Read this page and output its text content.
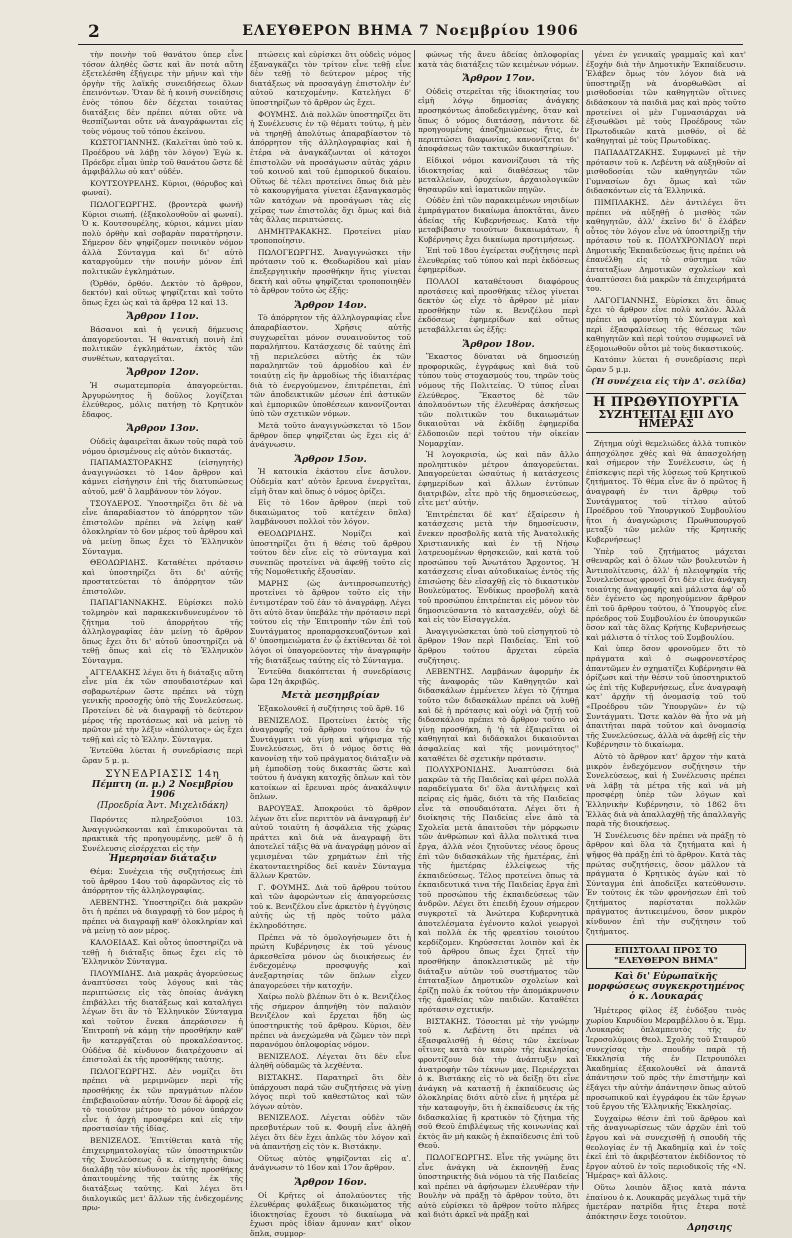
2	ΕΛΕΥΘΕΡΟΝ ΒΗΜΑ 7 Νοεμβρίου 1906

τὴν ποινὴν τοῦ θανάτου ὑπερ εἶνε τόσον ἀληθὲς ὥστε καὶ ἂν ποτὰ αὕτη ἐξετελέσθη ἐξήγειρε τὴν μῆνιν καὶ τὴν ὀργὴν τῆς λαϊκῆς συνειδήσεως ὅλων ἐπεινόντων. Ὅταν δὲ ἡ κοινὴ συνείδησις ἐνὸς τόπου δὲν δέχεται τοιαύτας διατάξεις δὲν πρέπει αὐται οὔτε νὰ θεσπίζωνται οὔτε νὰ ἀναγράφωνται εἰς τοὺς νόμους τοῦ τόπου ἐκείνου.

ΚΩΣΤΟΓΙΑΝΝΗΣ. (Καλεῖται ὑπὸ τοῦ κ. Προέδρου νὰ λάβῃ τὸν λόγον) Ἐγὼ κ. Πρόεδρε εἶμαι ὑπὲρ τοῦ θανάτου ὥστε δὲ ἀμφιβάλλω οὐ κατ' οὐδέν.

ΚΟΥΤΣΟΥΡΕΛΗΣ. Κύριοι, (θόρυβος καὶ φωναί).

ΠΩΛΟΓΕΩΡΓΗΣ. (βροντερὰ φωνή) Κύριοι σιωπή. (ἐξακολουθοῦν αἱ φωναί). Ὁ κ. Κουτσουρέλης, κύριοι, κάμνει μίαν πολὺ ὀρθὴν καὶ σοβαρὰν παρατήρησιν. Σήμερον δὲν ψηφίζομεν ποινικὸν νόμον ἀλλὰ Σύνταγμα καὶ δι' αὐτὸ καταργοῦμεν τὴν ποινὴν μόνον ἐπὶ πολιτικῶν ἐγκλημάτων.

(Ὀρθόν, ὀρθόν. Δεκτὸν τὸ ἄρθρον, δεκτόν) καὶ οὕτως ψηφίζεται καὶ τοῦτο ὅπως ἔχει ὡς καὶ τὰ ἄρθρα 12 καὶ 13.

Ἄρθρον 11ον.

Βάσανοι καὶ ἡ γενικὴ δήμευσις ἀπαγορεύονται. Ἡ θανατικὴ ποινὴ ἐπὶ πολιτικῶν ἐγκλημάτων, ἐκτὸς τῶν συνθέτων, καταργεῖται.

Ἄρθρον 12ον.

Ἡ σωματεμπορία ἀπαγορεύεται. Ἀργυρώνητος ἢ δοῦλος λογίζεται ἐλεύθερος, μόλις πατήσῃ τὸ Κρητικὸν ἔδαφος.

Ἄρθρον 13ον.

Οὐδεὶς ἀφαιρεῖται ἄκων τοῦς παρὰ τοῦ νόμου ὁρισμένους εἰς αὐτὸν δικαστάς.

ΠΑΠΑΜΑΣΤΟΡΑΚΗΣ (εἰσηγητὴς) ἀναγιγνώσκει τὸ 14ον ἄρθρον καὶ κάμνει εἰσήγησιν ἐπὶ τῆς διατυπώσεως αὐτοῦ, μεθ' ὃ λαμβάνουν τὸν λόγον.

ΤΣΟΥΔΕΡΟΣ. Ὑποστηρίζει ὅτι δὲ νὰ εἶνε ἀπαραδίαστον τὸ ἀπόρρητον τῶν ἐπιστολῶν πρέπει νὰ λείψῃ καθ' ὁλοκληρίαν τὸ 6ον μέρος τοῦ ἄρθρου καὶ νὰ μείνῃ ὅπως ἔχει τὸ Ἑλληνικὸν Σύνταγμα.

ΘΕΟΔΩΡΙΔΗΣ. Καταθέτει πρότασιν καὶ ὑποστηρίζει ὅτι δι' αὐτῆς προστατεύεται τὸ ἀπόρρητον τῶν ἐπιστολῶν.

ΠΑΠΑΓΙΑΝΝΑΚΗΣ. Εὑρίσκει πολὺ τολμηρὸν καὶ παρακεκινδυνευμένον τὸ ζήτημα τοῦ ἀπορρήτου τῆς ἀλληλογραφίας ἐὰν μείνῃ τὸ ἄρθρον ὅπως ἔχει ὅτι δι' αὐτοῦ ὑποστηρίζει νὰ τεθῇ ὅπως καὶ εἰς τὸ Ἑλληνικὸν Σύνταγμα.

ΑΓΓΕΛΑΚΗΣ λέγει ὅτι ἡ διάταξις αὕτη εἶνε μία ἐκ τῶν σπουδαιοτέρων καὶ σοβαρωτέρων ὥστε πρέπει νὰ τύχῃ γενικῆς προσοχῆς ὑπὸ τῆς Συνελεύσεως. Προτείνει δὲ νὰ διαγραφῇ τὸ δεύτερον μέρος τῆς προτάσεως καὶ νὰ μείνῃ τὸ πρῶτον μὲ τὴν λέξιν «ἀπόλυτος» ὡς ἔχει τεθῇ καὶ εἰς τὸ Ἑλλην. Σύνταγμα.

Ἐντεῦθα λύεται ἡ συνεδρίασις περὶ ὥραν 5 μ. μ.

ΣΥΝΕΔΡΙΑΣΙΣ 14η
Πέμπτη (π. μ.) 2 Νοεμβρίου 1906
(Προεδρία Ἀντ. Μιχελιδάκη)

Παρόντες πληρεξούσιοι 103. Ἀναγιγνώσκονται καὶ ἐπικυροῦνται τὰ πρακτικὰ τῆς προηγουμένης, μεθ' ὃ ἡ Συνέλευσις εἰσέρχεται εἰς τὴν

Ἡμερησίαν διάταξιν

Θέμα: Συνέχεια τῆς συζητήσεως ἐπὶ τοῦ ἄρθρου 14ου τοῦ ἀφορῶντος εἰς τὸ ἀπόρρητον τῆς ἀλληλογραφίας.

ΛΕΒΕΝΤΗΣ. Ὑποστηρίζει διὰ μακρῶν ὅτι ἡ πρέπει νὰ διαγραφῇ τὸ 6ον μέρος ἡ πρέπει νὰ διαγραφῇ καθ' ὁλοκληρίαν καὶ νὰ μείνῃ τὸ αον μέρος.

ΚΑΛΟΕΙΔΑΣ. Καὶ οὗτος ὑποστηρίζει νὰ τεθῇ ἡ διάταξις ὅπως ἔχει εἰς τὸ Ἑλληνικὸν Σύνταγμα.

ΠΛΟΥΜΙΔΗΣ. Διὰ μακρᾶς ἀγορεύσεως ἀναπτύσσει τοὺς λόγους καὶ τὰς περιπτώσεις εἰς τὰς ὁποίας ἀνάγκη ἐπιβάλλει τῆς διατάξεως καὶ καταλήγει λέγων ὅτι ἂν τὸ Ἑλληνικὸν Σύνταγμα καὶ τοῦτον ἕνεκα ἀπεράσισεν ἡ Ἐπιτροπὴ νὰ κάμῃ τὴν προσθήκην καθ' ἣν κατεργάζεται οὐ προκαλέσαντος. Οὐδένα δὲ κίνδυνον διατρέχουσιν αἱ ἐπιστολαὶ ἐκ τῆς προσθήκης ταύτης.

ΠΩΛΟΓΕΩΡΓΗΣ. Δὲν νομίζει ὅτι πρέπει νὰ μεριμνῶμεν περὶ τῆς προσθήκης ἐκ τῶν πραγμάτων πλέον ἐπιβεβαιοῦσαν αὐτήν. Ὅσον δὲ ἀφορᾷ εἰς τὸ τοιοῦτον μέτρον τὸ μόνον ὑπάρχον εἶνε ἡ ἀρχὴ προσφέρει καὶ εἰς τὴν προστασίαν τῆς ἰδίας.

ΒΕΝΙΖΕΛΟΣ. Ἐπιτίθεται κατὰ τῆς ἐπιχειρηματολογίας τῶν ὑποστηρικτῶν τῆς Συνελεύσεως ὅ κ. εἰσηγητὴς ὅπως διαλάβῃ τὸν κίνδυνον ἐκ τῆς προσθήκης ἀπαιτουμένης τῆς ταύτης ἐκ τῆς διατάξεως ταύτης. Καὶ λέγει ὅτι διαλογικῶς μετ' ἄλλων τῆς ἐνδεχομένης πρω-

πτώσεις καὶ εὑρίσκει ὅτι οὐδεὶς νόμος ἐξαναγκάζει τὸν τρίτον εἶνε τεθῇ εἶνε δὲν τεθῇ τὸ δεύτερον μέρος τῆς διατάξεως νὰ προσαγάγῃ ἐπιστολὴν ἐν' αὐτοῦ κατεχομένην. Κατελήγει δ' ὑποστηρίζων τὸ ἄρθρον ὡς ἔχει.

ΦΟΥΜΗΣ. Διὰ πολλῶν ὑποστηρίζει ὅτι ἡ Συνέλευσις ἐν τῷ θέματι τούτῳ, ἡ μὲν νὰ τηρηθῇ ἀπολύτως ἀπαραβίαστον τὸ ἀπόρρητον τῆς ἀλληλογραφίας καὶ ἡ ἑτέρα νὰ ἀναγκάζωνται οἱ κάτοχοι ἐπιστολῶν νὰ προσάγωσιν αὐτὰς χάριν τοῦ κοινοῦ καὶ τοῦ ἐμπορικοῦ δικαίου. Οὕτως δὲ τέλει προτείνει ὅπως διὰ μὲν τὸ κακουργήματα γίνεται ἐξαναγκασμὸς τῶν κατόχων νὰ προσάγωσι τὰς εἰς χεῖρας των ἐπιστολὰς ὄχι ὅμως καὶ διὰ τὰς ἄλλας περιπτώσεις.

ΔΗΜΗΤΡΑΚΑΚΗΣ. Προτείνει μίαν τροποποίησιν.

ΠΩΛΟΓΕΩΡΓΗΣ. Ἀναγιγνώσκει τὴν πρότασιν τοῦ κ. Θεοδωρίδου καὶ μίαν ἐπεξεργητικὴν προσθήκην ἥτις γίνεται δεκτὴ καὶ οὕτω ψηφίζεται τροποποιηθὲν τὸ ἄρθρον τοῦτο ὡς ἑξῆς:

Ἄρθρον 14ον.

Τὸ ἀπόρρητον τῆς ἀλληλογραφίας εἶνε ἀπαραβίαστον. Χρῆσις αὐτῆς συγχωρεῖται μόνον συναινοῦντος τοῦ παραλήπτου. Κατάσχεσις δὲ ταύτης ἐπὶ τῇ περιελεύσει αὐτῆς ἐκ τῶν παραληπτῶν τοῦ ἀρμοδίου καὶ ἐν τοιαύτῃ εἰς ἣν ἀρμοδίως τῆς ἰδιαιτέρας διὰ τὸ ἐνεργούμενον, ἐπιτρέπεται, ἐπὶ τῶν ἀποδεικτικῶν μέσων ἐπὶ ἀστικῶν καὶ ἐμπορικῶν ὑποθέσεων κανονίζονται ὑπὸ τῶν σχετικῶν νόμων.

Μετὰ τοῦτο ἀναγιγνώσκεται τὸ 15ον ἄρθρον ὅπερ ψηφίζεται ὡς ἔχει εἰς ἀ' ἀνάγνωσιν.

Ἄρθρον 15ον.

Ἡ κατοικία ἑκάστου εἶνε ἄσυλον. Οὐδεμία κατ' αὐτὸν ἔρευνα ἐνεργεῖται, εἰμὴ ὅταν καὶ ὅπως ὁ νόμος ὁρίζει.

Εἰς τὸ 16ον ἄρθρον (περὶ τοῦ δικαιώματος τοῦ κατέχειν ὅπλα) λαμβάνουσι πολλοὶ τὸν λόγον.

ΘΕΟΔΩΡΙΔΗΣ. Νομίζει καὶ ὑποστηρίζει ὅτι ἡ θέσις τοῦ ἄρθρου τούτου δὲν εἶνε εἰς τὸ σύνταγμα καὶ συνεπῶς προτείνει νὰ ἀφεθῇ τοῦτο εἰς τῆς Νομοθετικῆς ἐξουσίαν.

ΜΑΡΗΣ (ὡς ἀντιπροσωπευτὴς) προτείνει τὸ ἄρθρον τοῦτο εἰς τὴν ἐντιμοτέραν τοῦ ἐὰν τὸ ἀναγράφῃ. Λέγει ὅτι αὐτὸ ὅταν ὑπεβάλε τὴν πρότασιν περὶ τούτου εἰς τὴν Ἐπιτροπὴν τῶν ἐπὶ τοῦ Συντάγματος προπαρασκευαζόντων καὶ δ' ὑποσημειώματα ἐν ᾧ ἐκτίθενται δὲ τοὶ λόγοι οἱ ὑπαγορεύοντες τὴν ἀναγραφὴν τῆς διατάξεως ταύτης εἰς τὸ Σύνταγμα.

Ἐντεῦθα διακόπτεται ἡ συνεδρίασις ὥρα 12η ἀκριβῶς.

Μετὰ μεσημβρίαν

Ἐξακολουθεῖ ἡ συζήτησις τοῦ ἄρθ. 16

ΒΕΝΙΖΕΛΟΣ. Προτείνει ἐκτὸς τῆς ἀναγραφῆς τοῦ ἄρθρου τούτου ἐν τῷ Συντάγματι νὰ γίνῃ καὶ ψήφισμα τῆς Συνελεύσεως, ὅτι ὁ νόμος ὅστις θὰ κανονίσῃ τὴν τοῦ πράγματος διάταξιν νὰ μὴ ἐμποδίσῃ τοὺς δικαστὰς ὥστε καὶ τούτου ἡ ἀνάγκη κατοχῆς ὅπλων καὶ τὸν κατοίκων αἱ ἔρευναι πρὸς ἀνακάλυψιν ὅπλων.

ΒΑΡΟΥΞΑΣ. Ἀποκρούει τὸ ἄρθρον λέγων ὅτι εἶνε περιττὸν νὰ ἀναγραφῇ ἐν' αὐτοῦ τοιαύτη ἡ ἀσφάλεια τῆς χώρας πράττει καὶ διὰ νὰ ἀναγραφῇ ὅτι ἀποτελεῖ τάξις θὰ νὰ ἀναγράφῃ μόνον αἱ γεμισμέναι τῶν χρημάτων ἐπὶ τῆς ἐκατονταετηρίδος δεῖ κανὲν Σύνταγμα ἄλλων Κρατῶν.

Γ. ΦΟΥΜΗΣ. Διὰ τοῦ ἄρθρου τούτου καὶ τῶν ἀφορώντων εἰς ἀπαγορεύσεις τοῦ κ. Βενιζέλου εἶνε ἀρκετὸν ἡ ἐγγύησις αὐτῆς ὡς τῇ πρὸς τοῦτο μάλα ἐκληροδότησε.

Πρέπει νὰ τὸ ὁμολογήσωμεν ὅτι ἡ πρώτη Κυβέρνησις ἐκ τοῦ γένους ἀρκεσθεῖσα μόνον ὡς διοικήσεως ἐν ἐνδεχομένῳ προσφυγῆς καὶ ἀνεξαρτησίας τῶν ὅπλων εἶχεν ἀπαγορεύσει τὴν κατοχήν.

Χαίρω πολὺ βλέπων ὅτι ὁ κ. Βενιζέλος τῆς σήμερον ἀπηνήθη τὸν παλαιὸν Βενιζέλον καὶ ἔρχεται ἤδη ὡς ὑποστηρικτὴς τοῦ ἄρθρου. Κύριοι, δὲν πρέπει νὰ ἀνεχώμεθα νὰ ζῶμεν τὸν περὶ παρανόμου ὁπλοφορίας νόμον.

ΒΕΝΙΖΕΛΟΣ. Λέγεται ὅτι δὲν εἶνε ἀληθῆ οὐδαμῶς τὰ λεχθέντα.

ΒΙΣΤΑΚΗΣ. Παρατηρεῖ ὅτι δὲν ὑπάρχουσι παρά τῶν συζητήσεις νὰ γίνῃ λόγος περὶ τοῦ καθεστῶτος καὶ τῶν λόγων αὐτὸν.

ΒΕΝΙΖΕΛΟΣ. Λέγεται οὐδὲν τῶν πρεσβυτέρων τοῦ κ. Φουμῆ εἶνε ἀληθῆ λέγει ὅτι δὲν ἔχει ἁπλῶς τὸν λόγον καὶ νὰ ἀπαντήσῃ εἰς τὸν κ. Βιστάκην.

Οὕτως αὐτὸς ψηφίζονται εἰς αʹ. ἀνάγνωσιν τὸ 16ον καὶ 17ον ἄρθρον.

Ἄρθρον 16ον.

Οἱ Κρῆτες οἱ ἀπολαύοντες τῆς ἐλευθέρας φυλάξεως δικαιώματος τῆς ἰδιοκτησίας ἔχουσι τὸ δικαίωμα νὰ ἔχωσι πρὸς ἰδίαν ἄμυναν κατ' οἶκον ὅπλα, συμμορ-

φώνως τῆς ἄνευ ἀδείας ὁπλοφορίας κατὰ τὰς διατάξεις τῶν κειμένων νόμων.

Ἄρθρον 17ον.

Οὐδεὶς στερεῖται τῆς ἰδιοκτησίας του εἰμὴ λόγῳ δημοσίας ἀνάγκης προσηκόντως ἀποδεδειγμένης, ὅταν καὶ ὅπως ὁ νόμος διατάσσῃ, πάντοτε δὲ προηγουμένης ἀποζημιώσεως ἥτις, ἐν περιπτώσει διαφωνίας, κανονίζεται δι' ἀποφάσεως τῶν τακτικῶν δικαστηρίων.

Εἰδικοὶ νόμοι κανονίζουσι τὰ τῆς ἰδιοκτησίας καὶ διαθέσεως τῶν μεταλλείων, ὀρυχείων, ἀρχαιολογικῶν θησαυρῶν καὶ ἰαματικῶν πηγῶν.

Οὐδὲν ἐπὶ τῶν παρακειμένων νησιδίων ἐμπράγματον δικαίωμα ἀποκτᾶται, ἄνευ ἀδείας τῆς Κυβερνήσεως. Κατὰ τὴν μεταβίβασιν τοιούτων δικαιωμάτων, ἡ Κυβέρνησις ἔχει δικαίωμα προτιμήσεως.

Ἐπὶ τοῦ 18ου ἐγείρεται συζήτησις περὶ ἐλευθερίας τοῦ τύπου καὶ περὶ ἐκδόσεως ἐφημερίδων.

ΠΟΛΛΟΙ καταθέτουσι διαφόρους προτάσεις καὶ προσθήκας τέλος γίνεται δεκτὸν ὡς εἶχε τὸ ἄρθρον μὲ μίαν προσθήκην τῶν κ. Βενιζέλου περὶ ἐκδόσεως ἐφημερίδων καὶ οὕτως μεταβάλλεται ὡς ἑξῆς:

Ἄρθρον 18ον.

Ἕκαστος δύναται νὰ δημοσιεύῃ προφορικῶς, ἐγγράφως καὶ διὰ τοῦ τύπου τοὺς στοχασμούς του, τηρῶν τοὺς νόμους τῆς Πολιτείας. Ὁ τύπος εἶναι ἐλεύθερος. Ἕκαστος δὲ τῶν ἀπολαυόντων τῆς ἐλευθέρας ἀσκήσεως τῶν πολιτικῶν του δικαιωμάτων δικαιοῦται νὰ ἐκδίδῃ ἐφημερίδα ἐλδοποιῶν περὶ τούτου τὴν οἰκείαν Νομαρχίαν.

Ἡ λογοκρισία, ὡς καὶ πᾶν ἄλλο προληπτικὸν μέτρον ἀπαγορεύεται. Ἀπαγορεύεται ὡσαύτως ἡ κατάσχεσις ἐφημερίδων καὶ ἄλλων ἐντύπων διατριβῶν, εἶτε πρὸ τῆς δημοσιεύσεως, εἶτε μετ' αὐτήν.

Ἐπιτρέπεται δὲ κατ' ἐξαίρεσιν ἡ κατάσχεσις μετὰ τὴν δημοσίευσιν, ἕνεκεν προσβολῆς κατὰ τῆς Ἀνατολικῆς Χριστιανικῆς καὶ ἐν τῇ Νήσῳ λατρευομένων θρησκειῶν, καὶ κατὰ τοῦ προσώπου τοῦ Ἀνωτάτου Ἄρχοντος. Ἡ κατάσχεσις εἶναι αὐτοδικαίως ἐντὸς τῆς ἐπισώσης δὲν εἰσαχθῇ εἰς τὸ δικαστικὸν Βουλεύματος. Ἐνδίκως προσβολὴ κατὰ τοῦ προσώπου ἐπιτρέπεται εἰς μόνον τὸν δημοσιεύσαντα τὸ κατασχεθέν, οὐχὶ δὲ καὶ εἰς τὸν Εἰσαγγελέα.

Ἀναγιγνώσκεται ὑπὸ τοῦ εἰσηγητοῦ τὸ ἄρθρον 19ον περὶ Παιδείας. Ἐπὶ τοῦ ἄρθρου τούτου ἄρχεται εὐρεῖα συζήτησις.

ΛΕΒΕΝΤΗΣ. Λαμβάνων ἀφορμὴν ἐκ τῆς ἀναφορᾶς τῶν Καθηγητῶν καὶ διδασκάλων ἐμμένετεν λέγει τὸ ζήτημα τοῦτο τῶν διδασκάλων πρέπει νὰ λυθῇ καὶ δὲ ἡ πρότασις καὶ οὐχὶ νὰ ζητῇ τοῦ διδασκάλου πρέπει τὸ ἄρθρον τοῦτο νὰ γίνῃ προσθήκη, ἡ 'ἡ τὰ ἐξαιρεῖται οἱ καθηγηταὶ καὶ διδάσκαλοι δικαιοῦνται ἀσφαλείας καὶ τῆς μονιμότητος'' καταθέτει δὲ σχετικὴν πρότασιν.

ΠΟΛΥΧΡΟΝΙΔΗΣ. Ἀναπτύσσει διὰ μακρῶν τὰ τῆς Παιδείας καὶ φέρει πολλὰ παραδείγματα δι' ὅλα ἀντιλήψεις καὶ πείρας εἰς ἡμᾶς, διότι τὰ τῆς Παιδείας εἶνε τὰ σπουδαιότατα. Λέγει ὅτι ἡ διοίκησις τῆς Παιδείας εἶνε ἀπὸ τὰ Σχολεῖα μετὰ ἀπαιτοῦσι τὴν μόρφωσιν τῶν ἀνθρώπων καὶ ἄλλα πολιτικά τινα ἔργα, ἀλλὰ νέοι ζητοῦντες νέους ὅρους ἐπὶ τῶν διδασκάλων τῆς ἡμετέρας, ἐπὶ τῆς ἡμετέρας ἐλλείψεως τῆς ἐκπαιδεύσεως. Τέλος προτείνει ὅπως τὰ ἐκπαιδευτικά τινα τῆς Παιδείας ἔργα ἐπὶ τοῦ προσώπου τῆς ἐκπαιδεύσεως τῶν ἀνδρῶν. Λέγει ὅτι ἐπειδὴ ἔχουν σήμερον συγκροτεῖ τὰ Ἀνώτερα Κυβερνητικὰ ἀποτελέσματα ἐγένοντο καλοὶ γεωργοὶ καὶ πολλὰ ἐκ τῆς φρεατίου τοιούτου κερδίζομεν. Κηρύσσεται λοιπὸν καὶ ἐκ τοῦ ἄρθρου ὅπως ἔχει ζητεῖ τὴν προσθήκην ἀποκλειστικῶς μὲ τὴν διάταξιν αὐτῶν τοῦ συστήματος τῶν ἐπταταξίων Δημοτικῶν σχολείων καὶ ἐρίζῃ πολὺ ἐκ τούτου τὴν ἀπομάκρυνσιν τῆς ἀμαθείας τῶν παιδιῶν. Καταθέτει πρότασιν σχετικήν.

ΒΙΣΤΑΚΗΣ. Τόσοεται μὲ τὴν γνώμην τοῦ κ. Λεβέντη ὅτι πρέπει νὰ ἐξασφαλισθῇ ἡ θέσις τῶν ἐκείνων οἵτινες κατὰ τὸν καιρὸν τῆς ἐκκλησίας φροντίζουν διὰ τὴν ἀνάπτυξιν καὶ ἀνατροφὴν τῶν τέκνων μας. Περιέρχεται ὁ κ. Βιστάκης εἰς τὸ νὰ δείξῃ ὅτι εἶνε ἀνάγκη νὰ καταστῇ ἡ ἐκπαίδευσις ὡς ὁλοκληρίας διότι αὐτὸ εἶνε ἡ μητέρα μὲ τὴν καταφυγὴν, ὅτι ἡ ἐκπαίδευσις ἐκ τῆς διδασκαλίας ἢ κρατικὸν τὸ ζήτημα τῆς σοῦ Θεοῦ ἐπιβλέψεως τῆς κοινωνίας καὶ ἐκτὸς ἂν μὴ κακῶς ἡ ἐκπαίδευσις ἐπὶ τοῦ Θεοῦ.

ΠΩΛΟΓΕΩΡΓΗΣ. Εἶνε τῆς γνώμης ὅτι εἶνε ἀνάγκη νὰ ἐκπονηθῇ ἕνας ὑποστηρικτὴς διὰ νόμου τὰ τῆς Παιδείας καὶ πρέπει νὰ ἀφήσωμεν ἐλευθέραν τὴν Βουλὴν νὰ πράξῃ τὸ ἄρθρον τοῦτο, ὅτι αὐτὸ εὑρίσκει τὸ ἄρθρον τοῦτο πλῆρες καὶ διότι ἀρκεῖ νὰ πράξῃ καὶ

γένει ἐν γενικαῖς γραμμαῖς καὶ κατ' ἐξοχὴν διὰ τὴν Δημοτικὴν Ἐκπαίδευσιν. Ἐλάβεν ὅμως τὸν λόγον διὰ νὰ ὑποστηρίξῃ νὰ ἀνορθωθῶσι αἱ μισθοδοσίαι τῶν καθηγητῶν οἵτινες διδάσκουν τὰ παιδιά μας καὶ πρὸς τοῦτο προτείνει οἱ μὲν Γυμνασιάρχαι νὰ ἐξισωθῶσι μὲ τοὺς Προέδρους τῶν Πρωτοδικῶν κατὰ μισθόν, οἱ δὲ καθηγηταὶ μὲ τοὺς Πρωτοδίκας.

ΠΑΠΑΔΑΤΖΑΚΗΣ. Συμφωνεῖ μὲ τὴν πρότασιν τοῦ κ. Λεβέντη νὰ αὐξηθοῦν αἱ μισθοδοσίαι τῶν καθηγητῶν τῶν Γυμνασίων ὄχι ὅμως καὶ τῶν διδασκόντων εἰς τὰ Ἑλληνικά.

ΠΙΜΠΛΑΚΗΣ. Δὲν ἀντιλέγει ὅτι πρέπει νὰ αὐξηθῇ ὁ μισθὸς τῶν καθηγητῶν, ἀλλ' ἐκεῖνο δι' ὃ ἐλάβεν οὗτος τὸν λόγον εἶνε νὰ ὑποστηρίξῃ τὴν πρότασιν τοῦ κ. ΠΟΛΥΧΡΟΝΙΔΟΥ περὶ Δημοτικῆς Ἐκπαιδεύσεως ἥτις πρέπει νὰ ἐπανέλθῃ εἰς τὸ σύστημα τῶν ἑπταταξίων Δημοτικῶν σχολείων καὶ ἀναπτύσσει διὰ μακρῶν τὰ ἐπιχειρήματά του.

ΛΑΓΟΓΙΑΝΝΗΣ. Εὑρίσκει ὅτι ὅπως ἔχει τὸ ἄρθρον εἶνε πολὺ καλόν. Ἀλλὰ πρέπει νὰ φροντίσῃ τὸ Σύνταγμα καὶ περὶ ἐξασφαλίσεως τῆς θέσεως τῶν καθηγητῶν καὶ περὶ τούτου συμφωνεῖ νὰ ἐξομοιωθοῦν οὗτοι μὲ τοὺς δικαστικούς.

Κατόπιν λύεται ἡ συνεδρίασις περὶ ὥραν 5 μ.μ.

(Ἡ συνέχεια εἰς τὴν Δ'. σελίδα)
Η ΠΡΩΘΥΠΟΥΡΓΙΑ
ΣΥΖΗΤΕΙΤΑΙ ΕΠΙ ΔΥΟ ΗΜΕΡΑΣ

Ζήτημα οὐχὶ θεμελιώδες ἀλλὰ τυπικὸν ἀπησχόλησε χθὲς καὶ θὰ ἀπασχολήσῃ καὶ σήμερον τὴν Συνέλευσιν, ὡς ἡ ἐπίσκεψις περὶ τῆς λύσεως τοῦ Κρητικοῦ ζητήματος. Τὸ θέμα εἶνε ἂν ὁ πρῶτος ἢ ἀναγραφὴ ἐν τινι ἄρθρῳ τοῦ Συντάγματος τοῦ τίτλου αὐτοῦ Προέδρου τοῦ Ὑπουργικοῦ Συμβουλίου ἤτοι ἡ ἀναγνώρισις Πρωθυπουργοῦ μεταξὺ τῶν μελῶν τῆς Κρητικῆς Κυβερνήσεως!

Ὑπὲρ τοῦ ζητήματος μάχεται σθεναρῶς καὶ ὁ ὅλων τῶν βουλευτῶν ἡ Ἀντιπολίτευσις, ἀλλ' ἡ πλειοψηφία τῆς Συνελεύσεως φρονεῖ ὅτι δὲν εἶνε ἀνάγκη τοιαύτης ἀναγραφῆς καὶ μάλιστα ἀφ' οὗ δὲν ἐγένετο ὡς προηγούμενον ἄρθρον ἐπὶ τοῦ ἄρθρου τούτου, ὁ Ὑπουργὸς εἶνε πρόεδρος τοῦ Συμβουλίου ἐν ὑπουργικῶν ὅσον καὶ τὰς ὅλας Κρήτης Κυβερνήσεως καὶ μάλιστα ὁ τίτλος τοῦ Συμβουλίου.

Καὶ ὑπερ ὅσον φρονοῦμεν ὅτι τὸ πράγματα καὶ ὁ σωφρονεστέρος ἀπαντῶμεν ἐν σχηματίζει Κυβέρνησιν θὰ ὁρίζωσι καὶ τὴν θέσιν τοῦ ὑποστηρικτοῦ ὡς ἐπὶ τῆς Κυβερνήσεως, εἶνε ἀναγραφὴ κατ' ἀρχὴν τῇ ὀνομασίᾳ τοῦ τοῦ «Προέδρου τῶν Ὑπουργῶν» ἐν τῷ Συντάγματι. Ὥστε καλὸν θὰ ἦτο νὰ μὴ ἀπαιτῆται παρὰ τοῦτον καὶ ὀνομασίᾳ τῆς Συνελεύσεως, ἀλλὰ νὰ ἀφεθῇ εἰς τὴν Κυβέρνησιν τὸ δικαίωμα.

Αὐτὸ τὸ ἄρθρον κατ' ἄρχον τὴν κατὰ μικρὸν ἐνδεχόμενον συζήτησιν τὴν Συνελεύσεως, καὶ ἡ Συνέλευσις πρέπει νὰ λάβῃ τὰ μέτρα τῆς καὶ νὰ μὴ προσφέρῃ ὑπὲρ τῶν λόγων καὶ Ἑλληνικὴν Κυβέρνησιν, τὸ 1862 ὅτι Ἑλλὰς διὰ νὰ ἀπαλλαχθῇ τῆς ἀπαλλαγῆς παρὰ τῆς διοικήσεως.

Ἡ Συνέλευσις δὲν πρέπει νὰ πράξῃ τὸ ἄρθρον καὶ ὅλα τὰ ζητήματα καὶ ἡ ψῆφος θὰ πράξῃ ἐπὶ τὸ ἄρθρον. Κατὰ τὰς πρώτας συζητήσεις, ὅσον μᾶλλον τὰ πράγματα ὁ Κρητικὸς ἀγὼν καὶ τὸ Σύνταγμα ἐπὶ ἀποδείξει κατεύθυνσιν. Ἐν τούτοις ἐκ τῶν φρονήσεων ἐπὶ τοῦ ζητήματος παρίσταται πολλῶν πράγματος ἀντικειμένου, ὅσον μικρὸν κίνδυνον ἐπὶ τὴν συζήτησιν τοῦ ζητήματος.

ΕΠΙΣΤΟΛΑΙ ΠΡΟΣ ΤΟ "ΕΛΕΥΘΕΡΟΝ ΒΗΜΑ"
Καὶ δι' Εὐρωπαϊκῆς μορφώσεως συγκεκροτημένος ὁ κ. Λουκαράς

Ἡμέτερος φίλος ἐξ ἐνδόξου τινὸς χωρίου Καρυδίου Μεραμβέλλου ὁ κ. Ἐμμ. Λουκαρᾶς ὁπλαμπευτὸς τῆς ἐν Ἱεροσολύμοις Θεολ. Σχολῆς τοῦ Σταυροῦ συνεχίσας τὴν σπουδὴν παρὰ τῇ Ἐκκλησίᾳ τῆς ἐν Πετρουπόλει Ἀκαδημίας ἐξακολουθεῖ νὰ ἀπαντᾶ ἀπάντησιν τοῦ πρὸς τὴν ἐπιστήμην καὶ ἐξάγει τὴν αὐτὴν ἀπάντησιν ὅπως αὐτοῦ προσωπικοῦ καὶ ἐγγράφου ἐκ τῶν ἔργων τοῦ ἔργου τῆς Ἐλληνικῆς Ἐκκλησίας.

Συγχαίρω θέσιν ἐπὶ τοῦ ἄρθρου καὶ τῆς ἀναγνωρίσεως τῶν ἀρχῶν ἐπὶ τοῦ ἔργου καὶ νὰ συνεχισθῇ ἡ σπουδὴ τῆς θεολογίας ἐν τῇ Ἀκαδημίᾳ καὶ ἐν τοῖς ἐκεῖ ἐπὶ τὸ ἀκριβέστατον ἐκδίδοντος τὸ ἔργον αὐτοῦ ἐν τοῖς περιοδικοῖς τῆς «Ν. Ἡμέρας» καὶ ἄλλοις.

Οὕτω λοιπὸν ἄξιος κατὰ πάντα ἐπαίνου ὁ κ. Λουκαρᾶς μεγάλως τιμᾶ τὴν ἡμετέραν πατρίδα ἥτις ἔτερα ποτὲ ἀπόκτησιν ἔσχε τοιοῦτον.

Δρησιης
